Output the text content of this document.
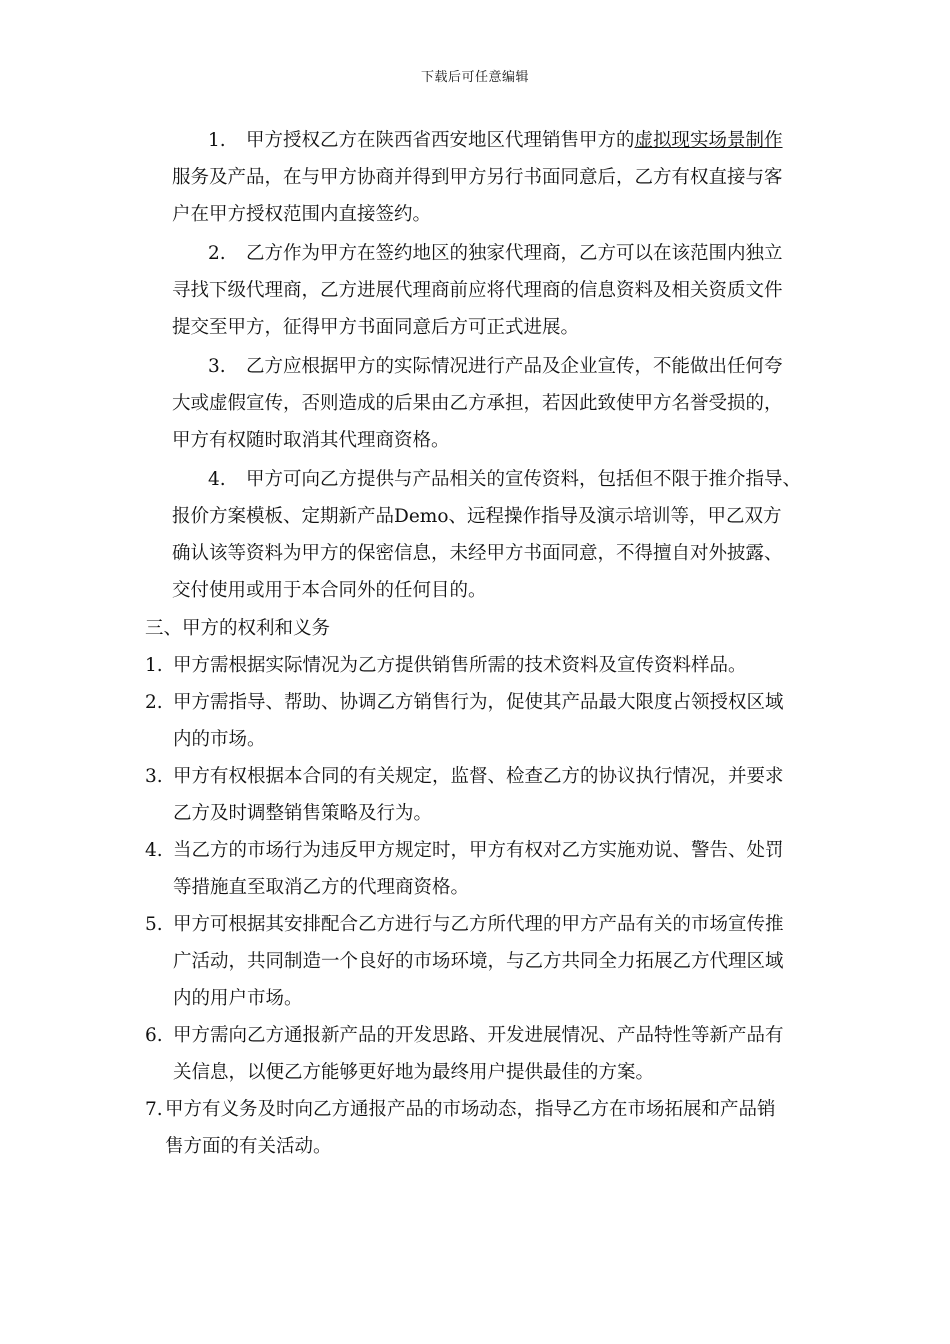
下载后可任意编辑
1. 甲方授权乙方在陕西省西安地区代理销售甲方的虚拟现实场景制作
服务及产品，在与甲方协商并得到甲方另行书面同意后，乙方有权直接与客
户在甲方授权范围内直接签约。
2. 乙方作为甲方在签约地区的独家代理商，乙方可以在该范围内独立
寻找下级代理商，乙方进展代理商前应将代理商的信息资料及相关资质文件
提交至甲方，征得甲方书面同意后方可正式进展。
3. 乙方应根据甲方的实际情况进行产品及企业宣传，不能做出任何夸
大或虚假宣传，否则造成的后果由乙方承担，若因此致使甲方名誉受损的，
甲方有权随时取消其代理商资格。
4. 甲方可向乙方提供与产品相关的宣传资料，包括但不限于推介指导、
报价方案模板、定期新产品Demo、远程操作指导及演示培训等，甲乙双方
确认该等资料为甲方的保密信息，未经甲方书面同意，不得擅自对外披露、
交付使用或用于本合同外的任何目的。
三、甲方的权利和义务
1. 甲方需根据实际情况为乙方提供销售所需的技术资料及宣传资料样品。
2. 甲方需指导、帮助、协调乙方销售行为，促使其产品最大限度占领授权区域
内的市场。
3. 甲方有权根据本合同的有关规定，监督、检查乙方的协议执行情况，并要求
乙方及时调整销售策略及行为。
4. 当乙方的市场行为违反甲方规定时，甲方有权对乙方实施劝说、警告、处罚
等措施直至取消乙方的代理商资格。
5. 甲方可根据其安排配合乙方进行与乙方所代理的甲方产品有关的市场宣传推
广活动，共同制造一个良好的市场环境，与乙方共同全力拓展乙方代理区域
内的用户市场。
6. 甲方需向乙方通报新产品的开发思路、开发进展情况、产品特性等新产品有
关信息，以便乙方能够更好地为最终用户提供最佳的方案。
7. 甲方有义务及时向乙方通报产品的市场动态，指导乙方在市场拓展和产品销
售方面的有关活动。
